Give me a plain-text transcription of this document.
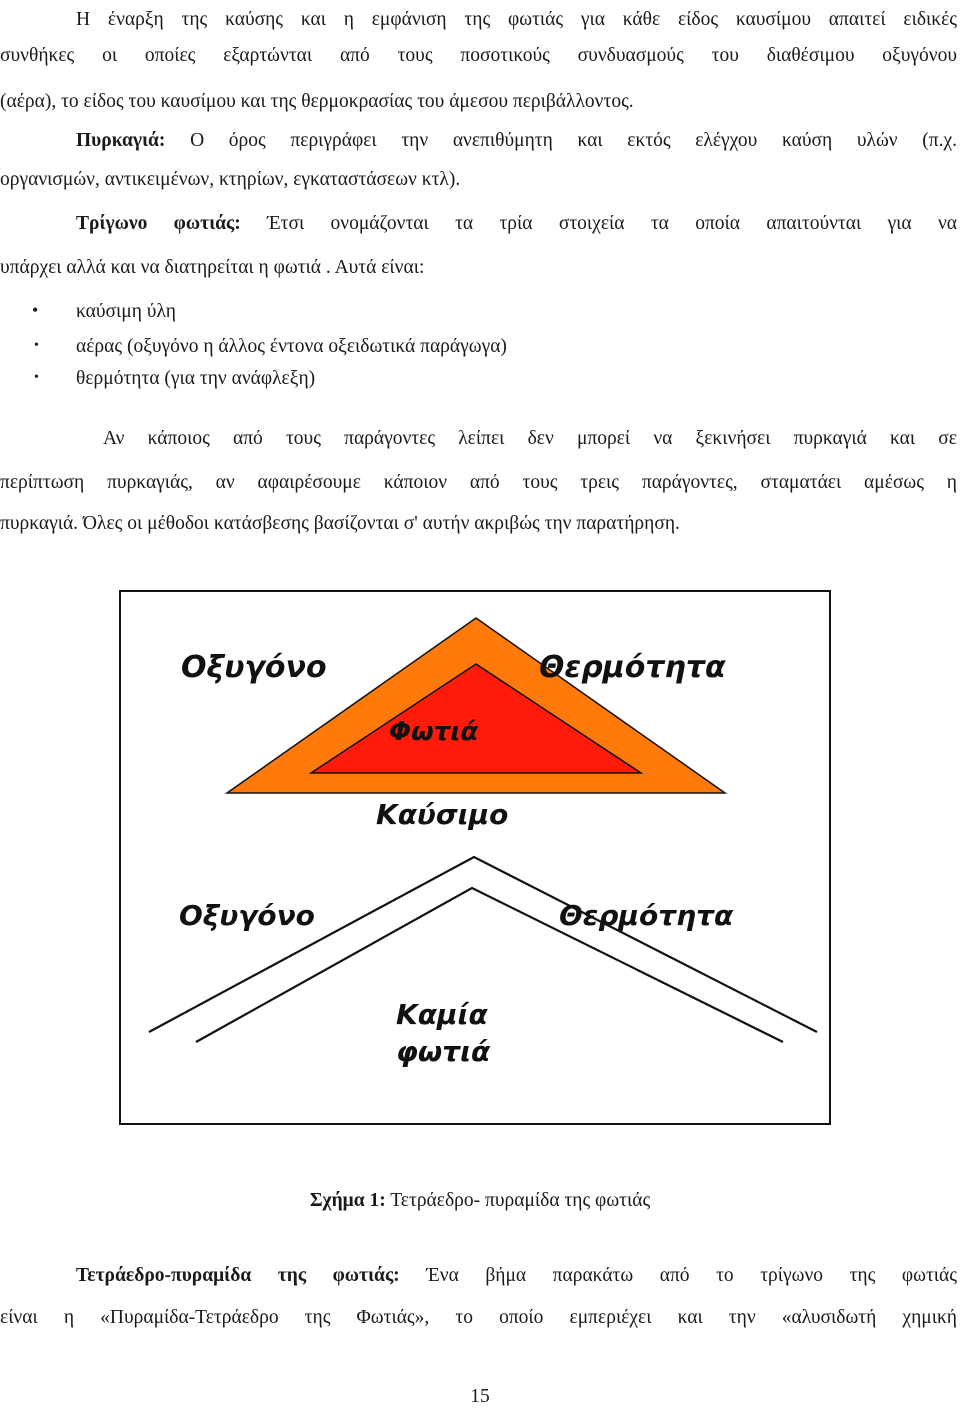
Η έναρξη της καύσης και η εμφάνιση της φωτιάς για κάθε είδος καυσίμου απαιτεί ειδικές
συνθήκες οι οποίες εξαρτώνται από τους ποσοτικούς συνδυασμούς του διαθέσιμου οξυγόνου
(αέρα), το είδος του καυσίμου και της θερμοκρασίας του άμεσου περιβάλλοντος.
Πυρκαγιά: Ο όρος περιγράφει την ανεπιθύμητη και εκτός ελέγχου καύση υλών (π.χ.
οργανισμών, αντικειμένων, κτηρίων, εγκαταστάσεων κτλ).
Τρίγωνο φωτιάς: Έτσι ονομάζονται τα τρία στοιχεία τα οποία απαιτούνται για να
υπάρχει αλλά και να διατηρείται η φωτιά . Αυτά είναι:
• καύσιμη ύλη
• αέρας (οξυγόνο η άλλος έντονα οξειδωτικά παράγωγα)
• θερμότητα (για την ανάφλεξη)
Αν κάποιος από τους παράγοντες λείπει δεν μπορεί να ξεκινήσει πυρκαγιά και σε
περίπτωση πυρκαγιάς, αν αφαιρέσουμε κάποιον από τους τρεις παράγοντες, σταματάει αμέσως η
πυρκαγιά. Όλες οι μέθοδοι κατάσβεσης βασίζονται σ' αυτήν ακριβώς την παρατήρηση.
Οξυγόνο	Θερμότητα
Φωτιά
Καύσιμο
Οξυγόνο	Θερμότητα
Καμία
φωτιά
Σχήμα 1: Τετράεδρο- πυραμίδα της φωτιάς
Τετράεδρο-πυραμίδα της φωτιάς: Ένα βήμα παρακάτω από το τρίγωνο της φωτιάς
είναι η «Πυραμίδα-Τετράεδρο της Φωτιάς», το οποίο εμπεριέχει και την «αλυσιδωτή χημική
15
